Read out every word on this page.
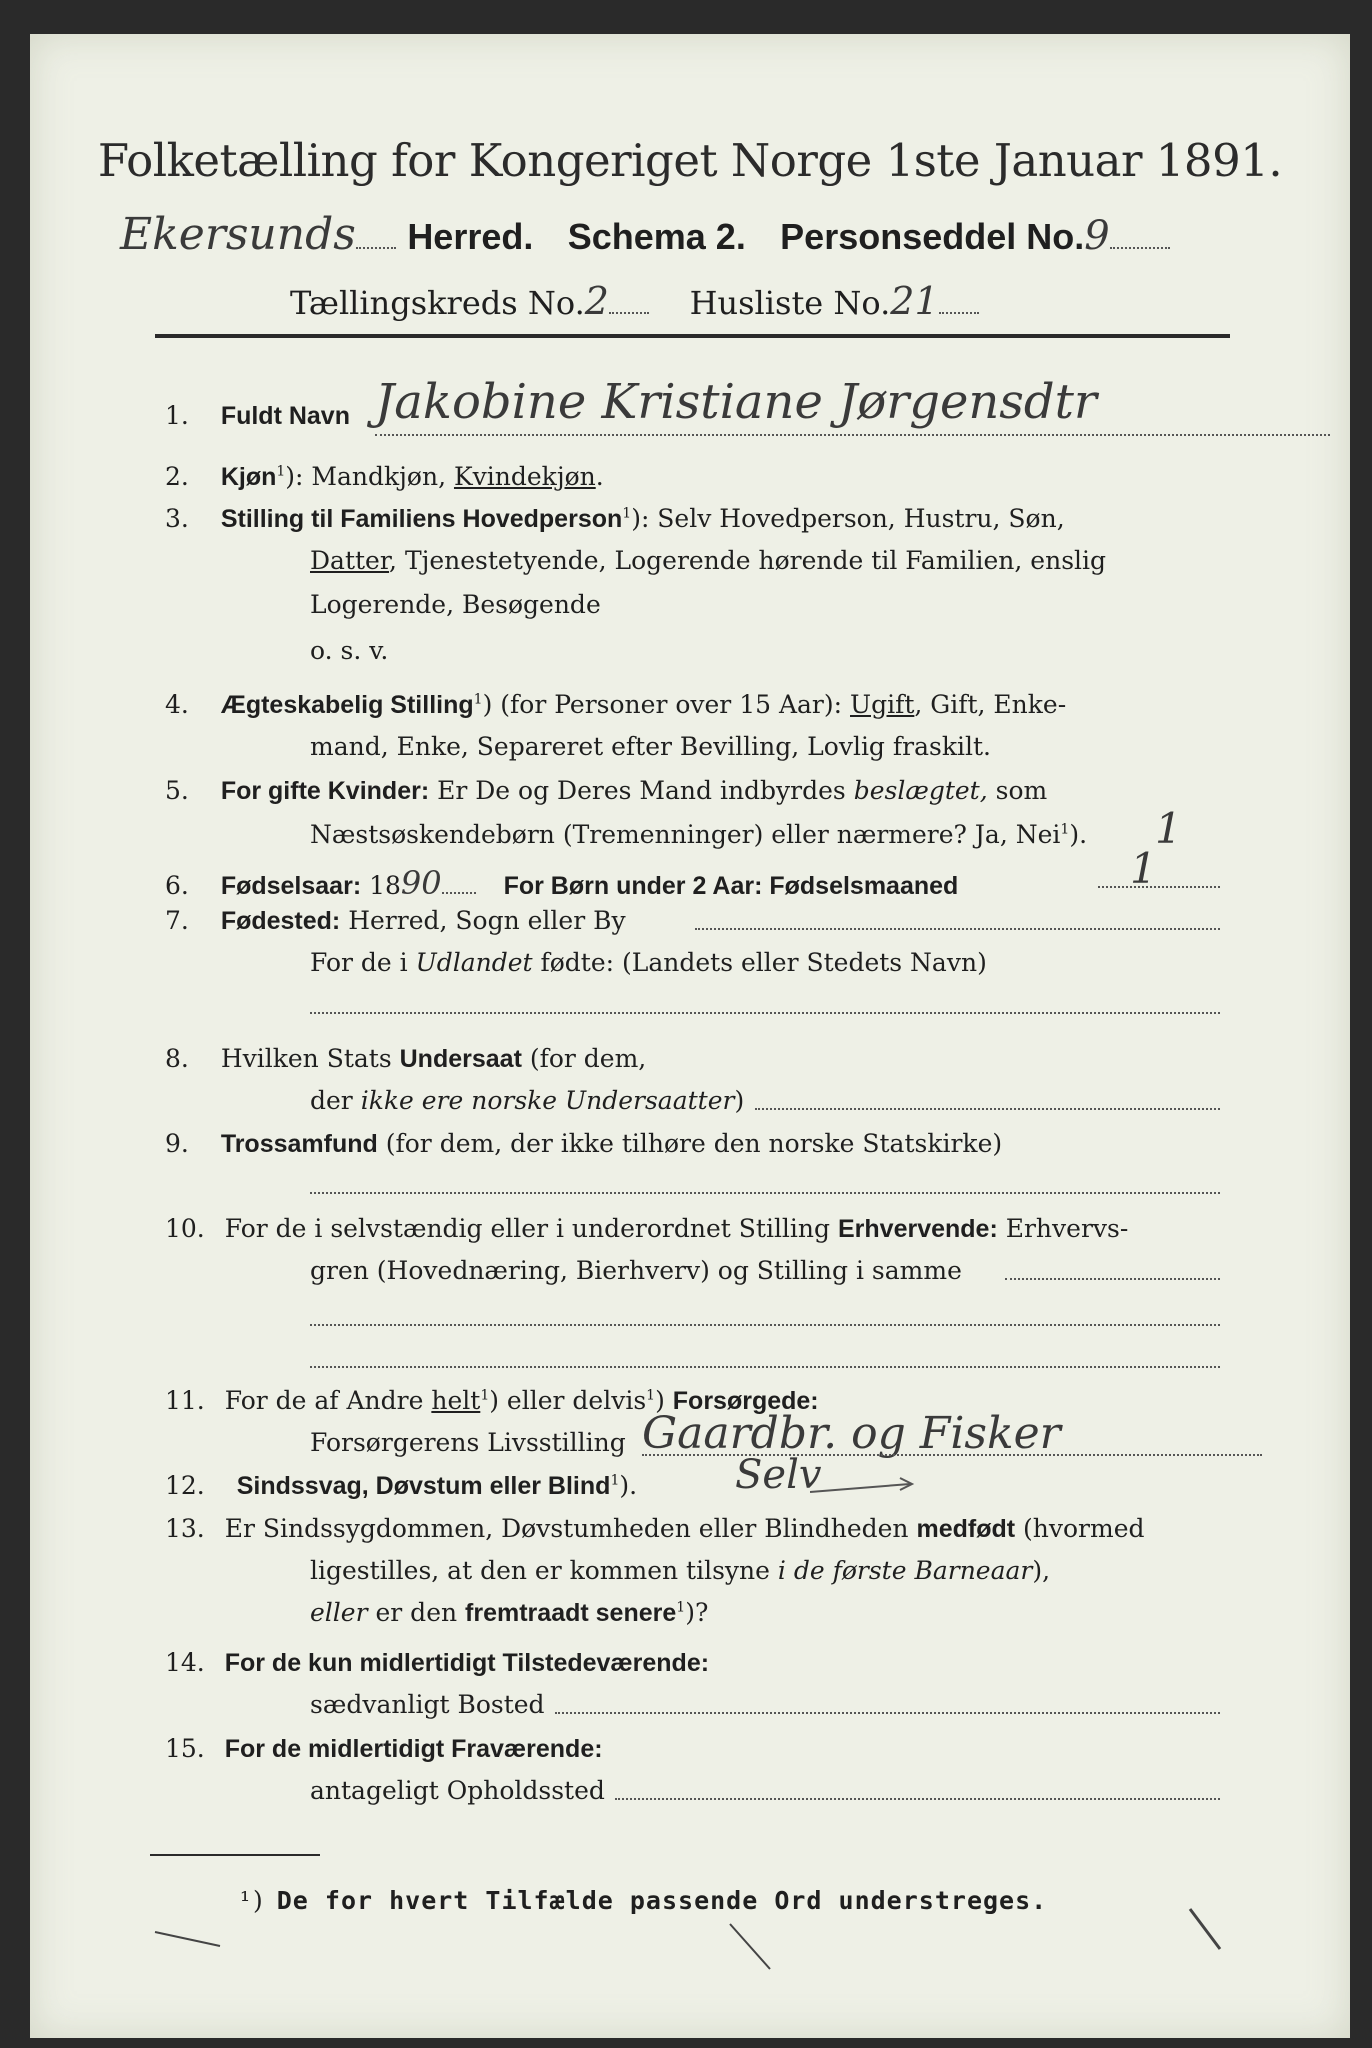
Folketælling for Kongeriget Norge 1ste Januar 1891.
Ekersunds Herred. Schema 2. Personseddel No.9
Tællingskreds No.2	Husliste No.21
1. Fuldt Navn Jakobine Kristiane Jørgensdtr
2. Kjøn$^1$): Mandkjøn, Kvindekjøn.
3. Stilling til Familiens Hovedperson$^1$): Selv Hovedperson, Hustru, Søn,
Datter, Tjenestetyende, Logerende hørende til Familien, enslig
Logerende, Besøgende
o. s. v.
4. Ægteskabelig Stilling$^1$) (for Personer over 15 Aar): Ugift, Gift, Enke-
mand, Enke, Separeret efter Bevilling, Lovlig fraskilt.
5. For gifte Kvinder: Er De og Deres Mand indbyrdes beslægtet, som
Næstsøskendebørn (Tremenninger) eller nærmere? Ja, Nei$^1$). 1
6. Fødselsaar: 1890 For Børn under 2 Aar: Fødselsmaaned	1
7. Fødested: Herred, Sogn eller By
For de i Udlandet fødte: (Landets eller Stedets Navn)
8. Hvilken Stats Undersaat (for dem,
der ikke ere norske Undersaatter)
9. Trossamfund (for dem, der ikke tilhøre den norske Statskirke)
10. For de i selvstændig eller i underordnet Stilling Erhvervende: Erhvervs-
gren (Hovednæring, Bierhverv) og Stilling i samme
11. For de af Andre helt$^1$) eller delvis$^1$) Forsørgede:
Forsørgerens Livsstilling Gaardbr. og Fisker
12. Sindssvag, Døvstum eller Blind$^1$). Selv
13. Er Sindssygdommen, Døvstumheden eller Blindheden medfødt (hvormed
ligestilles, at den er kommen tilsyne i de første Barneaar),
eller er den fremtraadt senere$^1$)?
14. For de kun midlertidigt Tilstedeværende:
sædvanligt Bosted
15. For de midlertidigt Fraværende:
antageligt Opholdssted
¹) De for hvert Tilfælde passende Ord understreges.
